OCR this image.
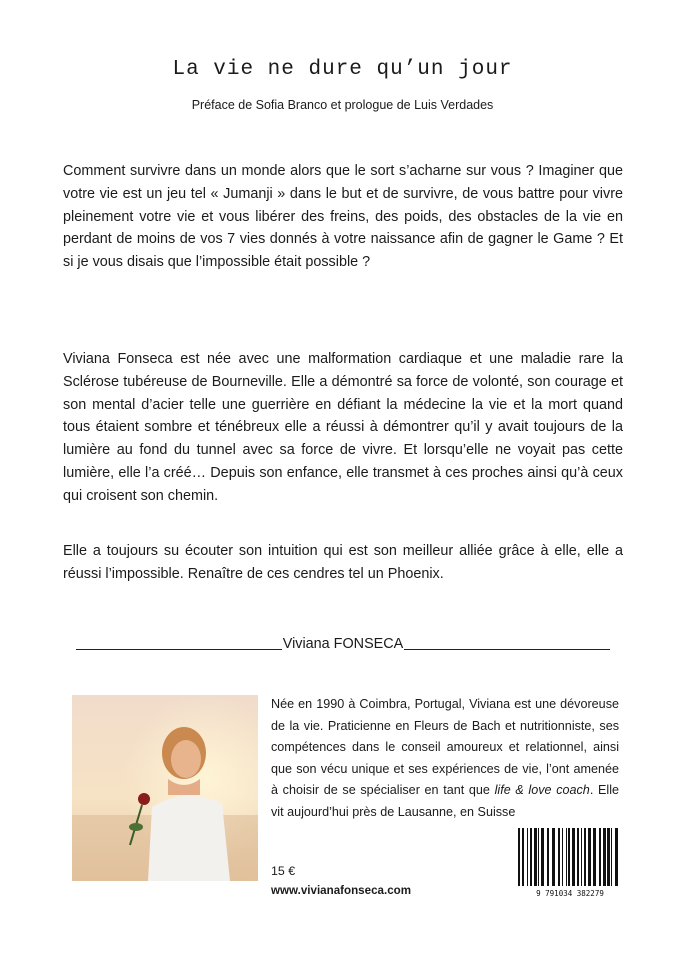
La vie ne dure qu’un jour
Préface de Sofia Branco et prologue de Luis Verdades

Comment survivre dans un monde alors que le sort s’acharne sur vous ? Imaginer que votre vie est un jeu tel « Jumanji » dans le but et de survivre, de vous battre pour vivre pleinement votre vie et vous libérer des freins, des poids, des obstacles de la vie en perdant de moins de vos 7 vies donnés à votre naissance afin de gagner le Game ? Et si je vous disais que l’impossible était possible ?

Viviana Fonseca est née avec une malformation cardiaque et une maladie rare la Sclérose tubéreuse de Bourneville. Elle a démontré sa force de volonté, son courage et son mental d’acier telle une guerrière en défiant la médecine la vie et la mort quand tous étaient sombre et ténébreux elle a réussi à démontrer qu’il y avait toujours de la lumière au fond du tunnel avec sa force de vivre. Et lorsqu’elle ne voyait pas cette lumière, elle l’a créé… Depuis son enfance, elle transmet à ces proches ainsi qu’à ceux qui croisent son chemin.

Elle a toujours su écouter son intuition qui est son meilleur alliée grâce à elle, elle a réussi l’impossible. Renaître de ces cendres tel un Phoenix.

Viviana FONSECA

Née en 1990 à Coimbra, Portugal, Viviana est une dévoreuse de la vie. Praticienne en Fleurs de Bach et nutritionniste, ses compétences dans le conseil amoureux et relationnel, ainsi que son vécu unique et ses expériences de vie, l’ont amenée à choisir de se spécialiser en tant que life & love coach. Elle vit aujourd’hui près de Lausanne, en Suisse

15 €
www.vivianafonseca.com	9 791034 382279
